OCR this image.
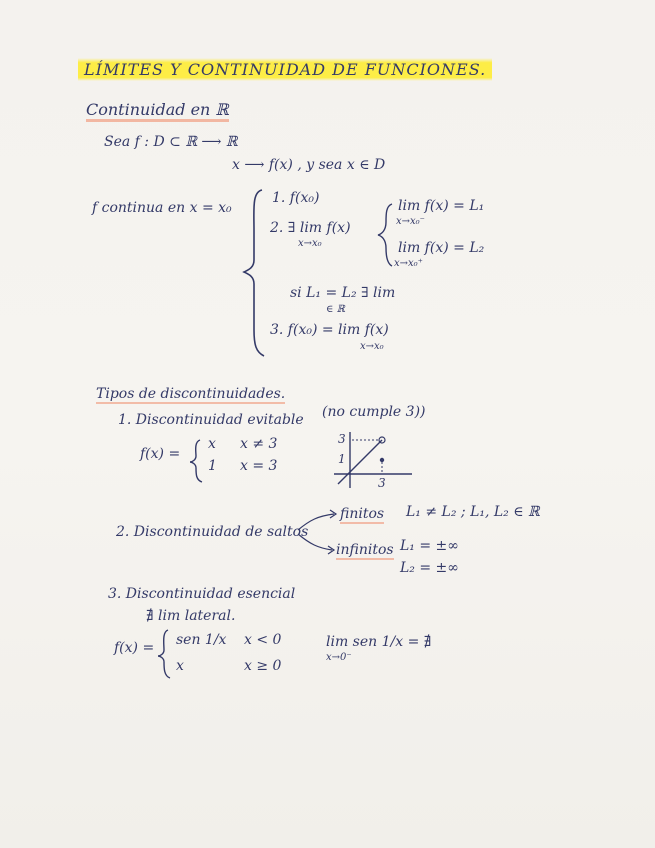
LÍMITES Y CONTINUIDAD DE FUNCIONES.
Continuidad en ℝ
Sea f : D ⊂ ℝ ⟶ ℝ
x ⟶ f(x) , y sea x ∈ D
f continua en x = x₀
1. f(x₀)
2. ∃ lim f(x)
x→x₀
lim f(x) = L₁
x→x₀⁻
lim f(x) = L₂
x→x₀⁺
si L₁ = L₂ ∃ lim
∈ ℝ
3. f(x₀) = lim f(x)
x→x₀
Tipos de discontinuidades.
1. Discontinuidad evitable (no cumple 3))
f(x) =
x x ≠ 3
1 x = 3
3
1
3
2. Discontinuidad de saltos
finitos L₁ ≠ L₂ ; L₁, L₂ ∈ ℝ
infinitos L₁ = ±∞
L₂ = ±∞
3. Discontinuidad esencial
∄ lim lateral.
f(x) = sen 1/x x < 0
x	x ≥ 0
lim sen 1/x = ∄
x→0⁻
